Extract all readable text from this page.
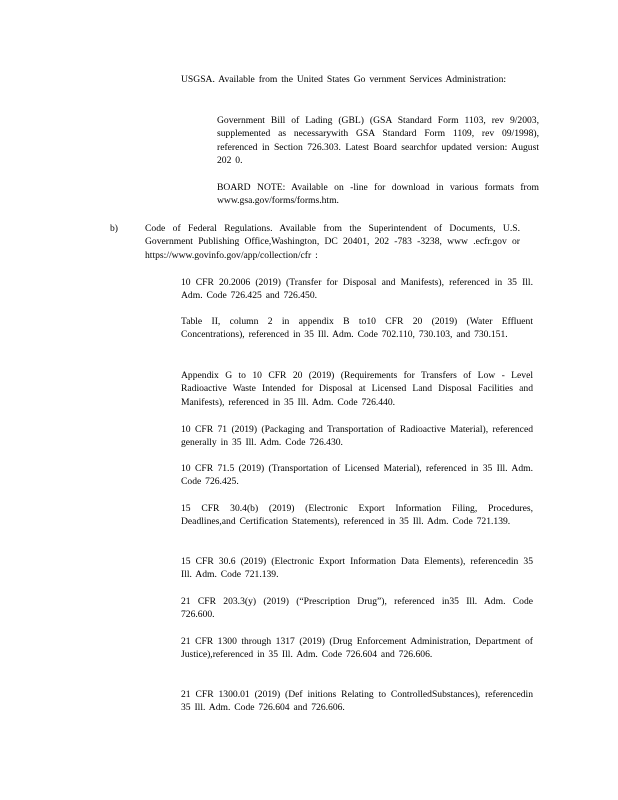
USGSA. Available from the United States Go vernment Services Administration:

Government Bill of Lading (GBL) (GSA Standard Form 1103, rev 9/2003, supplemented as necessarywith GSA Standard Form 1109, rev 09/1998), referenced in Section 726.303. Latest Board searchfor updated version: August 202 0.

BOARD NOTE: Available on -line for download in various formats from www.gsa.gov/forms/forms.htm.

b)	Code of Federal Regulations. Available from the Superintendent of Documents, U.S. Government Publishing Office,Washington, DC 20401, 202 -783 -3238, www .ecfr.gov or https://www.govinfo.gov/app/collection/cfr :

10 CFR 20.2006 (2019) (Transfer for Disposal and Manifests), referenced in 35 Ill. Adm. Code 726.425 and 726.450.

Table II, column 2 in appendix B to10 CFR 20 (2019) (Water Effluent Concentrations), referenced in 35 Ill. Adm. Code 702.110, 730.103, and 730.151.

Appendix G to 10 CFR 20 (2019) (Requirements for Transfers of Low - Level Radioactive Waste Intended for Disposal at Licensed Land Disposal Facilities and Manifests), referenced in 35 Ill. Adm. Code 726.440.

10 CFR 71 (2019) (Packaging and Transportation of Radioactive Material), referenced generally in 35 Ill. Adm. Code 726.430.

10 CFR 71.5 (2019) (Transportation of Licensed Material), referenced in 35 Ill. Adm. Code 726.425.

15 CFR 30.4(b) (2019) (Electronic Export Information Filing, Procedures, Deadlines,and Certification Statements), referenced in 35 Ill. Adm. Code 721.139.

15 CFR 30.6 (2019) (Electronic Export Information Data Elements), referencedin 35 Ill. Adm. Code 721.139.

21 CFR 203.3(y) (2019) (“Prescription Drug”), referenced in35 Ill. Adm. Code 726.600.

21 CFR 1300 through 1317 (2019) (Drug Enforcement Administration, Department of Justice),referenced in 35 Ill. Adm. Code 726.604 and 726.606.

21 CFR 1300.01 (2019) (Def initions Relating to ControlledSubstances), referencedin 35 Ill. Adm. Code 726.604 and 726.606.
